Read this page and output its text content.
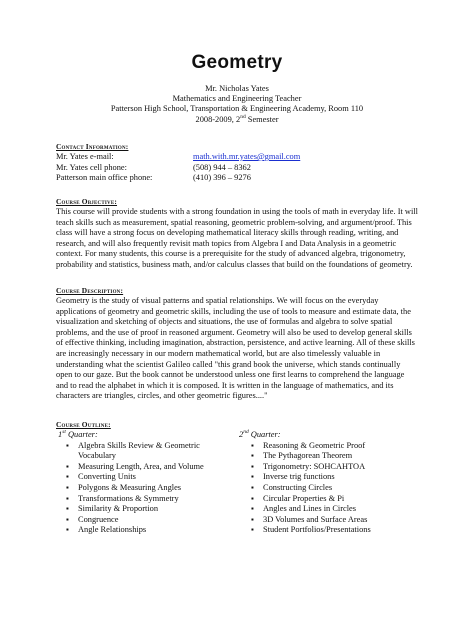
Geometry
Mr. Nicholas Yates
Mathematics and Engineering Teacher
Patterson High School, Transportation & Engineering Academy, Room 110
2008-2009, 2nd Semester
Contact Information:
Mr. Yates e-mail:	math.with.mr.yates@gmail.com
Mr. Yates cell phone:	(508) 944 – 8362
Patterson main office phone:	(410) 396 – 9276
Course Objective:
This course will provide students with a strong foundation in using the tools of math in everyday life. It will teach skills such as measurement, spatial reasoning, geometric problem-solving, and argument/proof. This class will have a strong focus on developing mathematical literacy skills through reading, writing, and research, and will also frequently revisit math topics from Algebra I and Data Analysis in a geometric context. For many students, this course is a prerequisite for the study of advanced algebra, trigonometry, probability and statistics, business math, and/or calculus classes that build on the foundations of geometry.
Course Description:
Geometry is the study of visual patterns and spatial relationships. We will focus on the everyday applications of geometry and geometric skills, including the use of tools to measure and estimate data, the visualization and sketching of objects and situations, the use of formulas and algebra to solve spatial problems, and the use of proof in reasoned argument. Geometry will also be used to develop general skills of effective thinking, including imagination, abstraction, persistence, and active learning. All of these skills are increasingly necessary in our modern mathematical world, but are also timelessly valuable in understanding what the scientist Galileo called "this grand book the universe, which stands continually open to our gaze. But the book cannot be understood unless one first learns to comprehend the language and to read the alphabet in which it is composed. It is written in the language of mathematics, and its characters are triangles, circles, and other geometric figures...."
Course Outline:
1st Quarter:
▪	Algebra Skills Review & Geometric Vocabulary
▪	Measuring Length, Area, and Volume
▪	Converting Units
▪	Polygons & Measuring Angles
▪	Transformations & Symmetry
▪	Similarity & Proportion
▪	Congruence
▪	Angle Relationships
2nd Quarter:
▪	Reasoning & Geometric Proof
▪	The Pythagorean Theorem
▪	Trigonometry: SOHCAHTOA
▪	Inverse trig functions
▪	Constructing Circles
▪	Circular Properties & Pi
▪	Angles and Lines in Circles
▪	3D Volumes and Surface Areas
▪	Student Portfolios/Presentations
